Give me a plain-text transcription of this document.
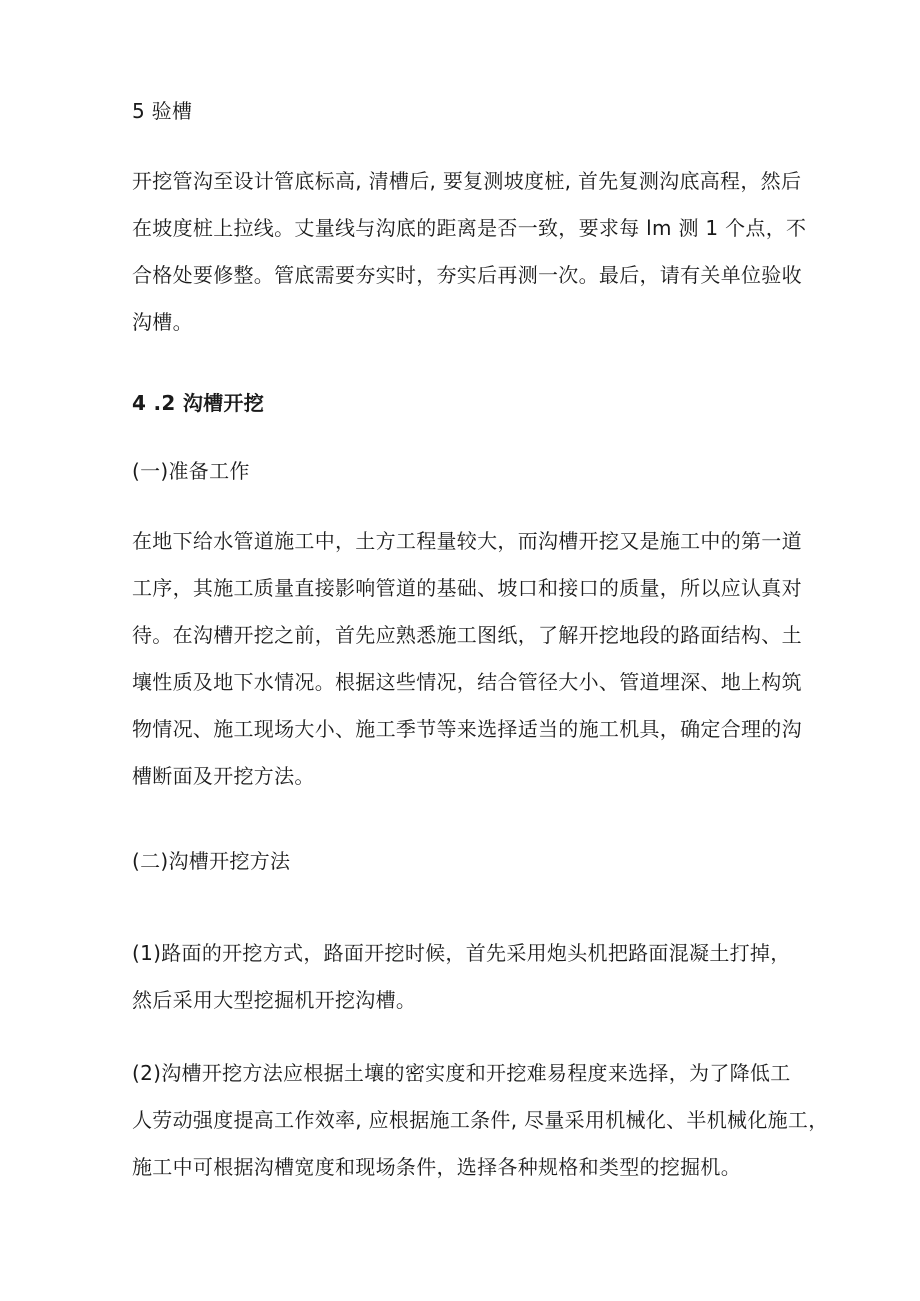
5 验槽

开挖管沟至设计管底标高, 清槽后, 要复测坡度桩, 首先复测沟底高程，然后
在坡度桩上拉线。丈量线与沟底的距离是否一致，要求每 lm 测 1 个点，不
合格处要修整。管底需要夯实时，夯实后再测一次。最后，请有关单位验收
沟槽。

4 .2 沟槽开挖

(一)准备工作

在地下给水管道施工中，土方工程量较大，而沟槽开挖又是施工中的第一道
工序，其施工质量直接影响管道的基础、坡口和接口的质量，所以应认真对
待。在沟槽开挖之前，首先应熟悉施工图纸，了解开挖地段的路面结构、土
壤性质及地下水情况。根据这些情况，结合管径大小、管道埋深、地上构筑
物情况、施工现场大小、施工季节等来选择适当的施工机具，确定合理的沟
槽断面及开挖方法。

(二)沟槽开挖方法

(1)路面的开挖方式，路面开挖时候，首先采用炮头机把路面混凝土打掉，
然后采用大型挖掘机开挖沟槽。

(2)沟槽开挖方法应根据土壤的密实度和开挖难易程度来选择，为了降低工
人劳动强度提高工作效率, 应根据施工条件, 尽量采用机械化、半机械化施工，
施工中可根据沟槽宽度和现场条件，选择各种规格和类型的挖掘机。
